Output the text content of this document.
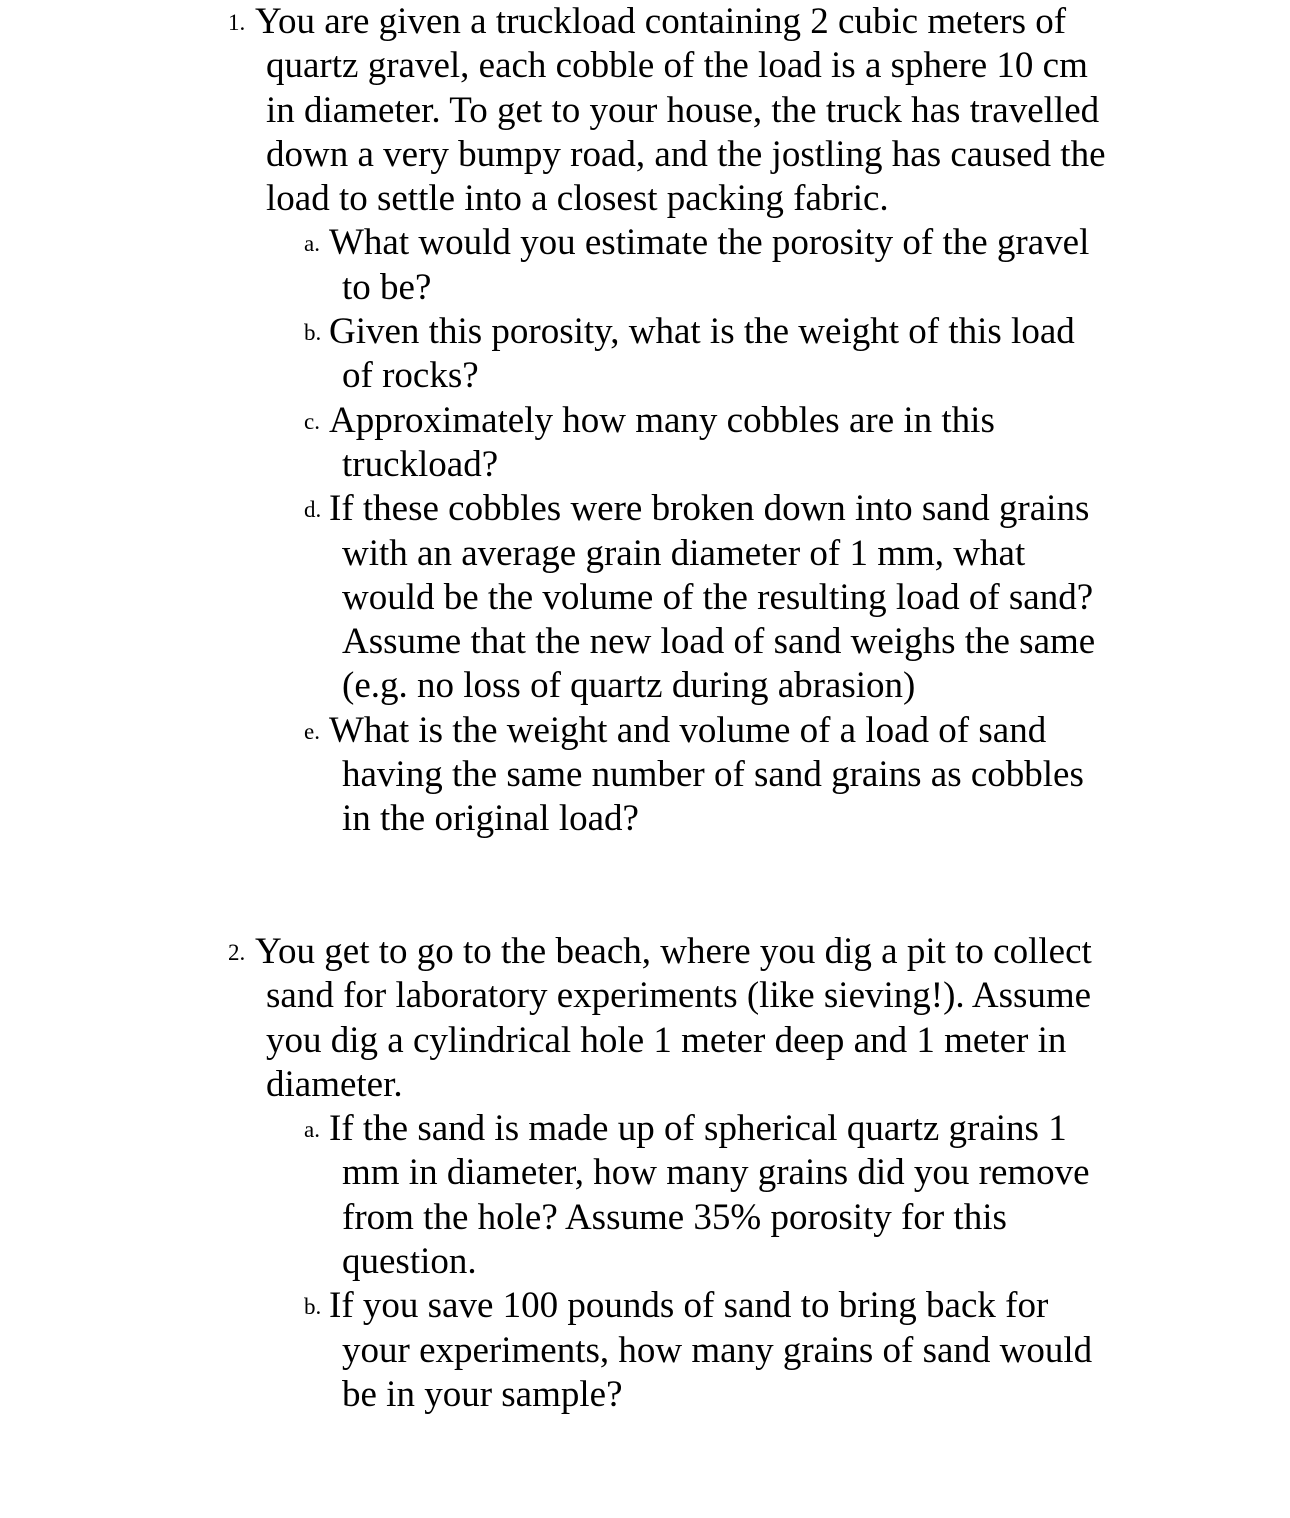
1. You are given a truckload containing 2 cubic meters of quartz gravel, each cobble of the load is a sphere 10 cm in diameter. To get to your house, the truck has travelled down a very bumpy road, and the jostling has caused the load to settle into a closest packing fabric.
a. What would you estimate the porosity of the gravel to be?
b. Given this porosity, what is the weight of this load of rocks?
c. Approximately how many cobbles are in this truckload?
d. If these cobbles were broken down into sand grains with an average grain diameter of 1 mm, what would be the volume of the resulting load of sand? Assume that the new load of sand weighs the same (e.g. no loss of quartz during abrasion)
e. What is the weight and volume of a load of sand having the same number of sand grains as cobbles in the original load?
2. You get to go to the beach, where you dig a pit to collect sand for laboratory experiments (like sieving!). Assume you dig a cylindrical hole 1 meter deep and 1 meter in diameter.
a. If the sand is made up of spherical quartz grains 1 mm in diameter, how many grains did you remove from the hole? Assume 35% porosity for this question.
b. If you save 100 pounds of sand to bring back for your experiments, how many grains of sand would be in your sample?
